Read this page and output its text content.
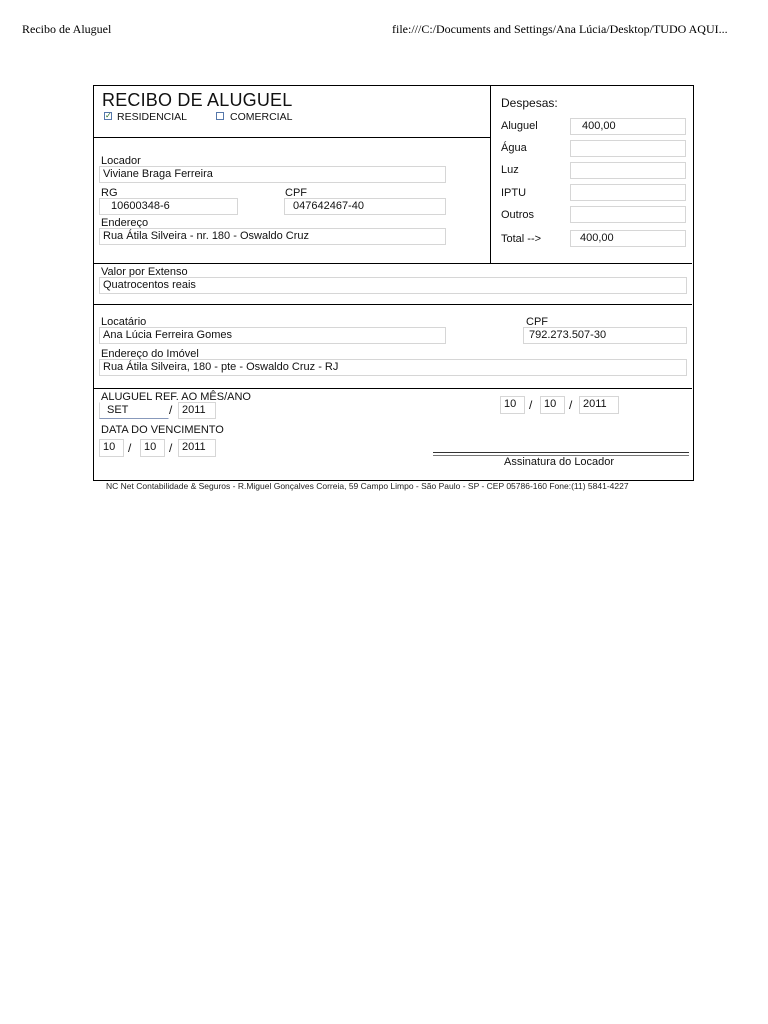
Recibo de Aluguel	file:///C:/Documents and Settings/Ana Lúcia/Desktop/TUDO AQUI...
RECIBO DE ALUGUEL
✓ RESIDENCIAL	COMERCIAL
Locador
Viviane Braga Ferreira
RG
10600348-6
CPF
047642467-40
Endereço
Rua Átila Silveira - nr. 180 - Oswaldo Cruz
Despesas:
Aluguel	400,00
Água
Luz
IPTU
Outros
Total -->	400,00
Valor por Extenso
Quatrocentos reais
Locatário
Ana Lúcia Ferreira Gomes
CPF
792.273.507-30
Endereço do Imóvel
Rua Átila Silveira, 180 - pte - Oswaldo Cruz - RJ
ALUGUEL REF. AO MÊS/ANO
SET	/ 2011
DATA DO VENCIMENTO
10	/	10	/ 2011
10	/	10	/ 2011
Assinatura do Locador
NC Net Contabilidade & Seguros - R.Miguel Gonçalves Correia, 59 Campo Limpo - São Paulo - SP - CEP 05786-160 Fone:(11) 5841-4227
